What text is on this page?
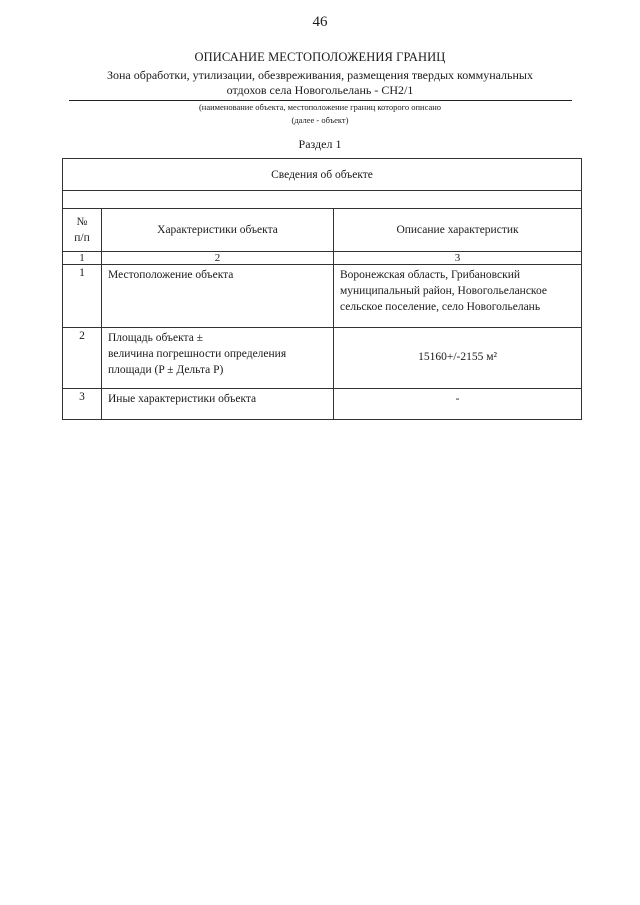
46
ОПИСАНИЕ МЕСТОПОЛОЖЕНИЯ ГРАНИЦ
Зона обработки, утилизации, обезвреживания, размещения твердых коммунальных
отдохов села Новогольелань - СН2/1
(наименование объекта, местоположение границ которого описано
(далее - объект)
Раздел 1
Сведения об объекте		

№
п/п	Характеристики объекта	Описание характеристик
1	2	3
1	Местоположение объекта	Воронежская область, Грибановский
муниципальный район, Новогольеланское
сельское поселение, село Новогольелань

2	Площадь объекта ±
величина погрешности определения
площади (P ± Дельта P)	15160+/-2155 м²
3	Иные характеристики объекта	-
